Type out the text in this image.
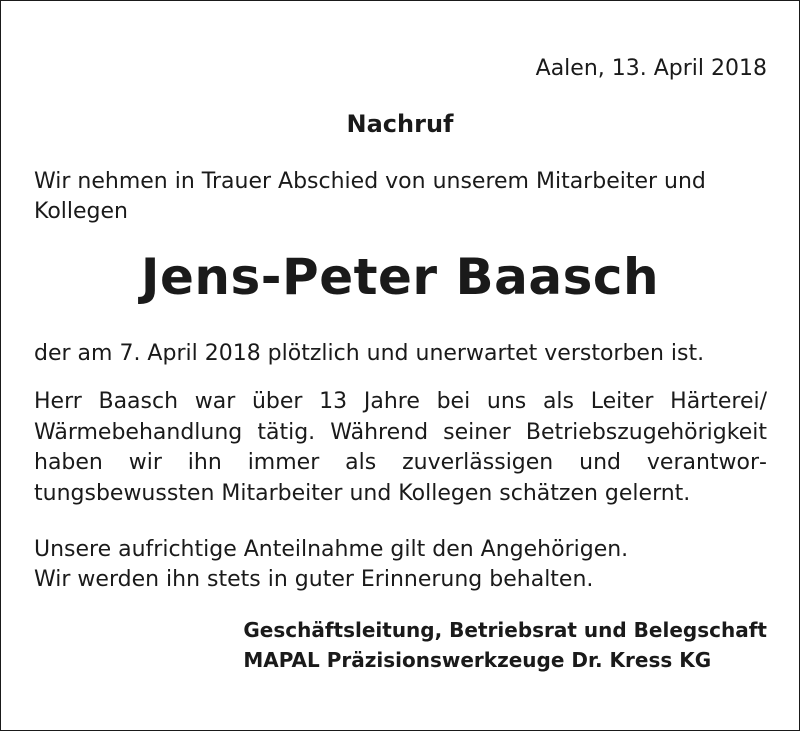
Aalen, 13. April 2018
Nachruf
Wir nehmen in Trauer Abschied von unserem Mitarbeiter und Kollegen
Jens-Peter Baasch
der am 7. April 2018 plötzlich und unerwartet verstorben ist.
Herr Baasch war über 13 Jahre bei uns als Leiter Härterei/ Wärmebehandlung tätig. Während seiner Betriebszugehörigkeit haben wir ihn immer als zuverlässigen und verantwortungsbewussten Mitarbeiter und Kollegen schätzen gelernt.
Unsere aufrichtige Anteilnahme gilt den Angehörigen.
Wir werden ihn stets in guter Erinnerung behalten.
Geschäftsleitung, Betriebsrat und Belegschaft
MAPAL Präzisionswerkzeuge Dr. Kress KG
